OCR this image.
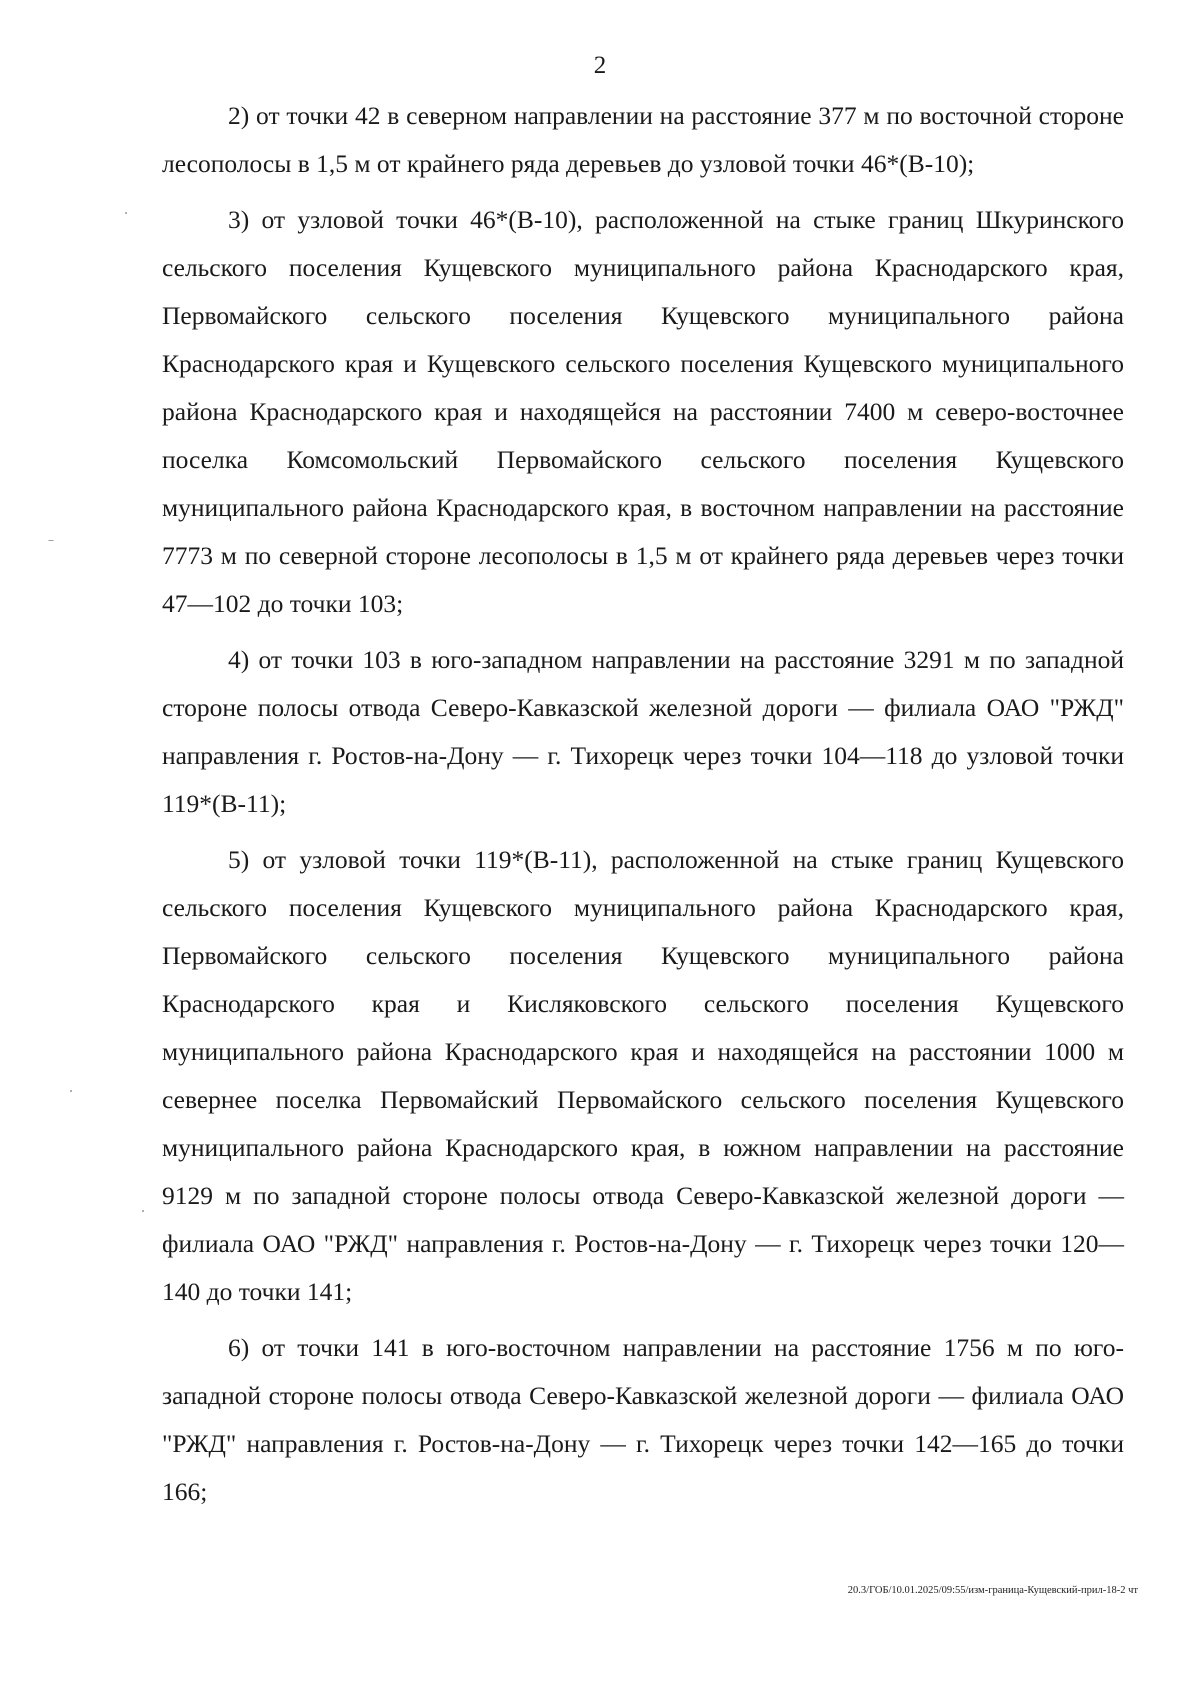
2

2) от точки 42 в северном направлении на расстояние 377 м по восточной стороне лесополосы в 1,5 м от крайнего ряда деревьев до узловой точки 46*(В-10);

3) от узловой точки 46*(В-10), расположенной на стыке границ Шкуринского сельского поселения Кущевского муниципального района Краснодарского края, Первомайского сельского поселения Кущевского муниципального района Краснодарского края и Кущевского сельского поселения Кущевского муниципального района Краснодарского края и находящейся на расстоянии 7400 м северо-восточнее поселка Комсомольский Первомайского сельского поселения Кущевского муниципального района Краснодарского края, в восточном направлении на расстояние 7773 м по северной стороне лесополосы в 1,5 м от крайнего ряда деревьев через точки 47—102 до точки 103;

4) от точки 103 в юго-западном направлении на расстояние 3291 м по западной стороне полосы отвода Северо-Кавказской железной дороги — филиала ОАО "РЖД" направления г. Ростов-на-Дону — г. Тихорецк через точки 104—118 до узловой точки 119*(В-11);

5) от узловой точки 119*(В-11), расположенной на стыке границ Кущевского сельского поселения Кущевского муниципального района Краснодарского края, Первомайского сельского поселения Кущевского муниципального района Краснодарского края и Кисляковского сельского поселения Кущевского муниципального района Краснодарского края и находящейся на расстоянии 1000 м севернее поселка Первомайский Первомайского сельского поселения Кущевского муниципального района Краснодарского края, в южном направлении на расстояние 9129 м по западной стороне полосы отвода Северо-Кавказской железной дороги — филиала ОАО "РЖД" направления г. Ростов-на-Дону — г. Тихорецк через точки 120—140 до точки 141;

6) от точки 141 в юго-восточном направлении на расстояние 1756 м по юго-западной стороне полосы отвода Северо-Кавказской железной дороги — филиала ОАО "РЖД" направления г. Ростов-на-Дону — г. Тихорецк через точки 142—165 до точки 166;

20.3/ГОБ/10.01.2025/09:55/изм-граница-Кущевский-прил-18-2 чт
